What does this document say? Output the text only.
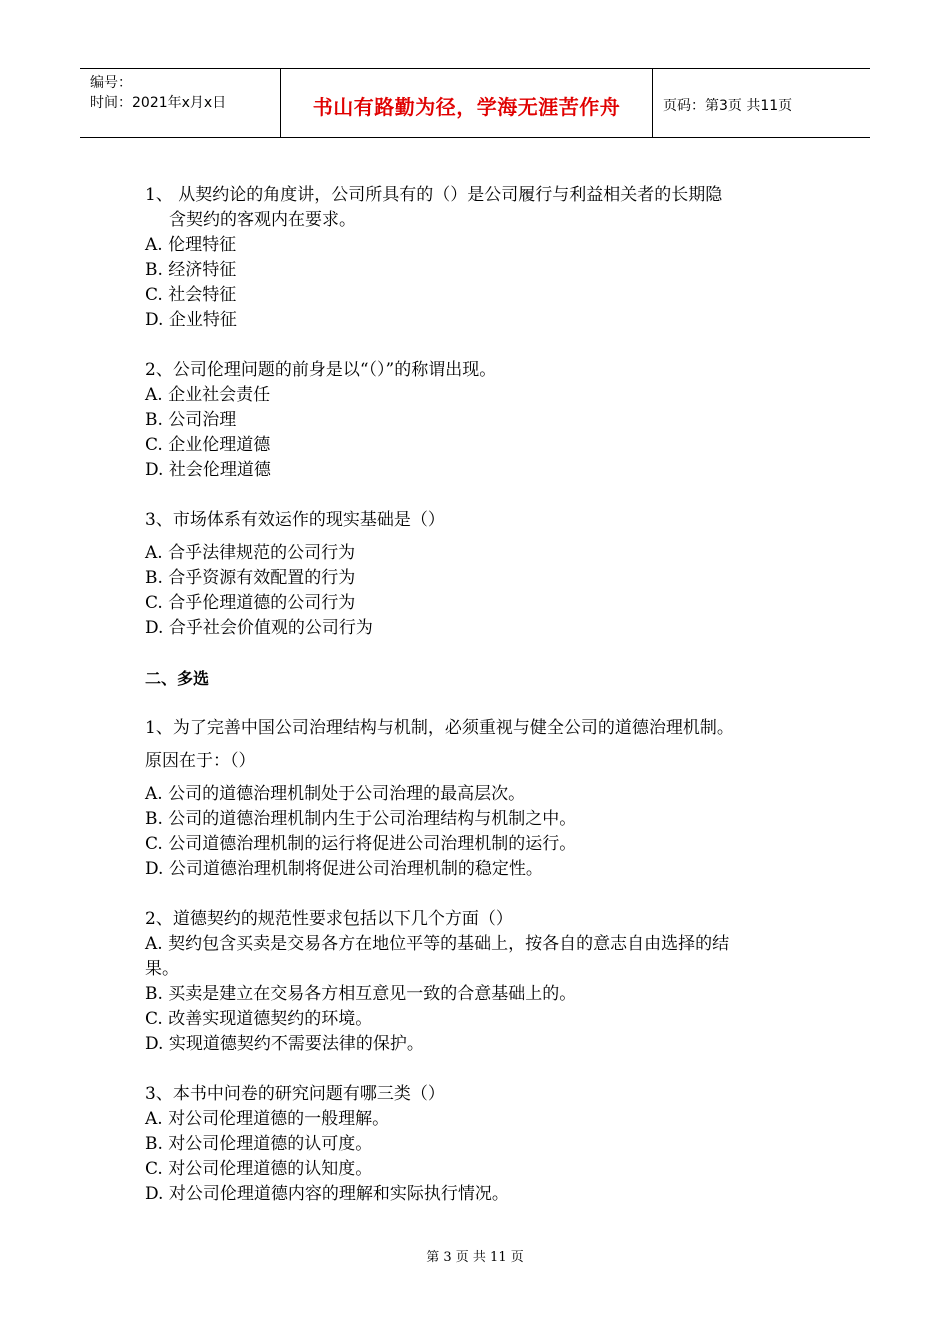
编号：
时间：2021年x月x日	书山有路勤为径，学海无涯苦作舟	页码：第3页 共11页
1、 从契约论的角度讲，公司所具有的（）是公司履行与利益相关者的长期隐
含契约的客观内在要求。
A. 伦理特征
B. 经济特征
C. 社会特征
D. 企业特征
2、公司伦理问题的前身是以“（）”的称谓出现。
A. 企业社会责任
B. 公司治理
C. 企业伦理道德
D. 社会伦理道德
3、市场体系有效运作的现实基础是（）
A. 合乎法律规范的公司行为
B. 合乎资源有效配置的行为
C. 合乎伦理道德的公司行为
D. 合乎社会价值观的公司行为
二、多选
1、为了完善中国公司治理结构与机制，必须重视与健全公司的道德治理机制。
原因在于：（）
A. 公司的道德治理机制处于公司治理的最高层次。
B. 公司的道德治理机制内生于公司治理结构与机制之中。
C. 公司道德治理机制的运行将促进公司治理机制的运行。
D. 公司道德治理机制将促进公司治理机制的稳定性。
2、道德契约的规范性要求包括以下几个方面（）
A. 契约包含买卖是交易各方在地位平等的基础上，按各自的意志自由选择的结
果。
B. 买卖是建立在交易各方相互意见一致的合意基础上的。
C. 改善实现道德契约的环境。
D. 实现道德契约不需要法律的保护。
3、本书中问卷的研究问题有哪三类（）
A. 对公司伦理道德的一般理解。
B. 对公司伦理道德的认可度。
C. 对公司伦理道德的认知度。
D. 对公司伦理道德内容的理解和实际执行情况。
第 3 页 共 11 页
